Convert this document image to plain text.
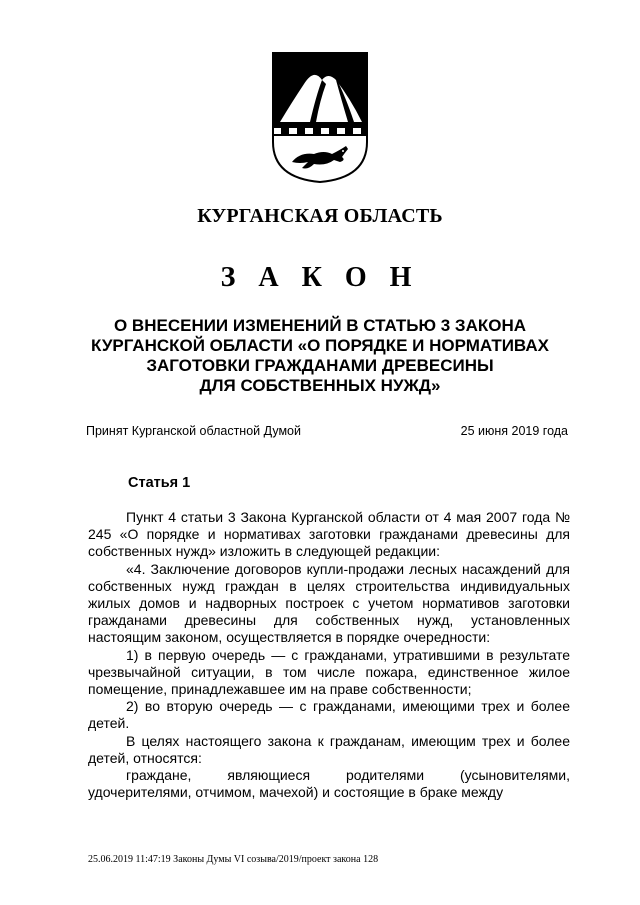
КУРГАНСКАЯ ОБЛАСТЬ
З А К О Н
О ВНЕСЕНИИ ИЗМЕНЕНИЙ В СТАТЬЮ 3 ЗАКОНА
КУРГАНСКОЙ ОБЛАСТИ «О ПОРЯДКЕ И НОРМАТИВАХ
ЗАГОТОВКИ ГРАЖДАНАМИ ДРЕВЕСИНЫ
ДЛЯ СОБСТВЕННЫХ НУЖД»
Принят Курганской областной Думой	25 июня 2019 года
Статья 1

Пункт 4 статьи 3 Закона Курганской области от 4 мая 2007 года № 245 «О порядке и нормативах заготовки гражданами древесины для собственных нужд» изложить в следующей редакции:

«4. Заключение договоров купли-продажи лесных насаждений для собственных нужд граждан в целях строительства индивидуальных жилых домов и надворных построек с учетом нормативов заготовки гражданами древесины для собственных нужд, установленных настоящим законом, осуществляется в порядке очередности:

1) в первую очередь — с гражданами, утратившими в результате чрезвычайной ситуации, в том числе пожара, единственное жилое помещение, принадлежавшее им на праве собственности;

2) во вторую очередь — с гражданами, имеющими трех и более детей.

В целях настоящего закона к гражданам, имеющим трех и более детей, относятся:

граждане, являющиеся родителями (усыновителями, удочерителями, отчимом, мачехой) и состоящие в браке между

25.06.2019 11:47:19 Законы Думы VI созыва/2019/проект закона 128
